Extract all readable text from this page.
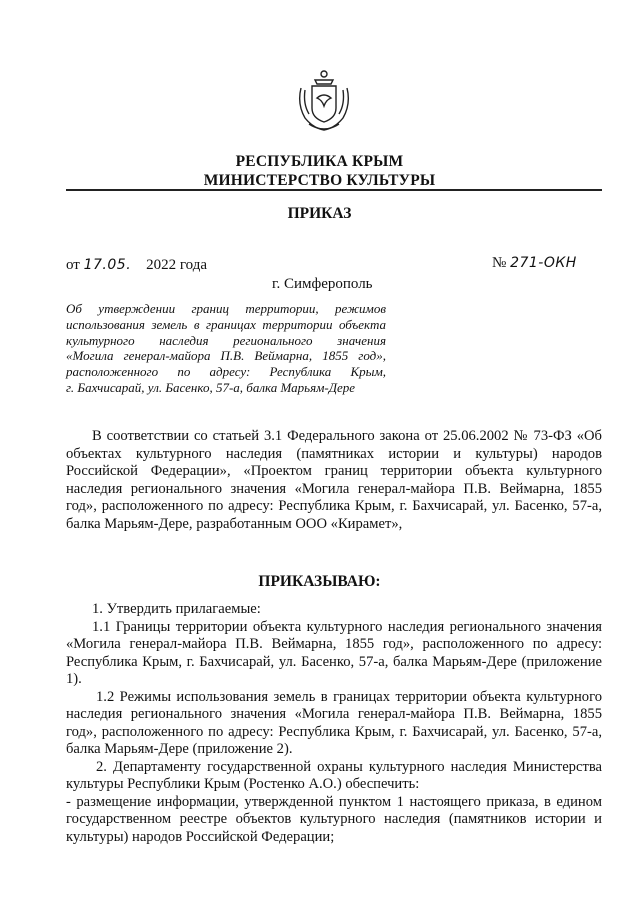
РЕСПУБЛИКА КРЫМ
МИНИСТЕРСТВО КУЛЬТУРЫ
ПРИКАЗ
от 17.05. 2022 года	№ 271-ОКН
г. Симферополь
Об утверждении границ территории, режимов
использования земель в границах территории объекта
культурного наследия регионального значения
«Могила генерал-майора П.В. Веймарна, 1855 год»,
расположенного по адресу: Республика Крым,
г. Бахчисарай, ул. Басенко, 57-а, балка Марьям-Дере
В соответствии со статьей 3.1 Федерального закона от 25.06.2002 № 73-ФЗ «Об объектах культурного наследия (памятниках истории и культуры) народов Российской Федерации», «Проектом границ территории объекта культурного наследия регионального значения «Могила генерал-майора П.В. Веймарна, 1855 год», расположенного по адресу: Республика Крым, г. Бахчисарай, ул. Басенко, 57-а, балка Марьям-Дере, разработанным ООО «Кирамет»,
ПРИКАЗЫВАЮ:

1. Утвердить прилагаемые:

1.1 Границы территории объекта культурного наследия регионального значения «Могила генерал-майора П.В. Веймарна, 1855 год», расположенного по адресу: Республика Крым, г. Бахчисарай, ул. Басенко, 57-а, балка Марьям-Дере (приложение 1).

1.2 Режимы использования земель в границах территории объекта культурного наследия регионального значения «Могила генерал-майора П.В. Веймарна, 1855 год», расположенного по адресу: Республика Крым, г. Бахчисарай, ул. Басенко, 57-а, балка Марьям-Дере (приложение 2).

2. Департаменту государственной охраны культурного наследия Министерства культуры Республики Крым (Ростенко А.О.) обеспечить:

- размещение информации, утвержденной пунктом 1 настоящего приказа, в едином государственном реестре объектов культурного наследия (памятников истории и культуры) народов Российской Федерации;
